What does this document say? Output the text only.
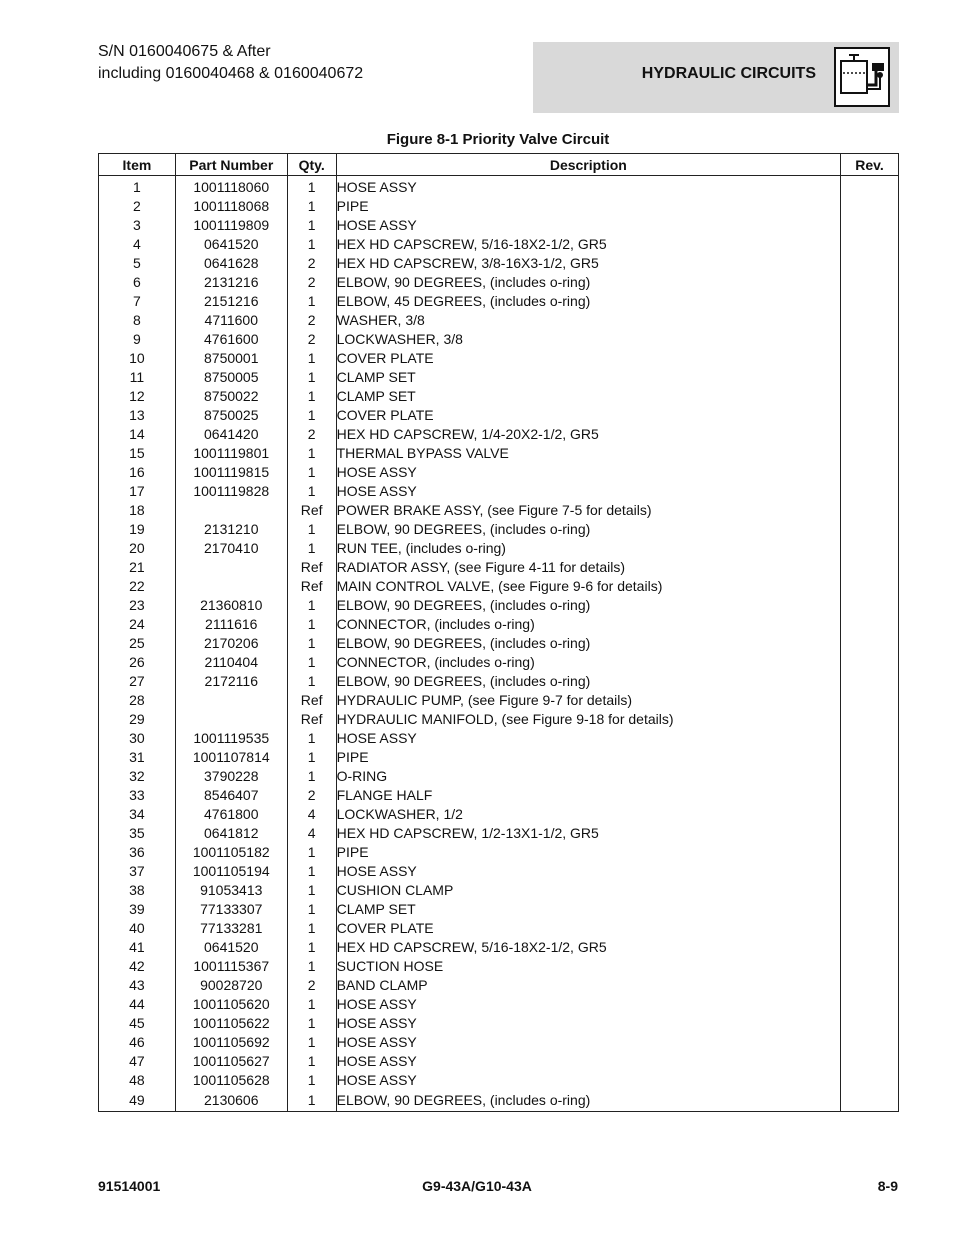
S/N 0160040675 & After
including 0160040468 & 0160040672	HYDRAULIC CIRCUITS
Figure 8-1 Priority Valve Circuit
Item	Part Number	Qty.	Description	Rev.
1	1001118060	1	HOSE ASSY	
2	1001118068	1	PIPE	
3	1001119809	1	HOSE ASSY	
4	0641520	1	HEX HD CAPSCREW, 5/16-18X2-1/2, GR5	
5	0641628	2	HEX HD CAPSCREW, 3/8-16X3-1/2, GR5	
6	2131216	2	ELBOW, 90 DEGREES, (includes o-ring)	
7	2151216	1	ELBOW, 45 DEGREES, (includes o-ring)	
8	4711600	2	WASHER, 3/8	
9	4761600	2	LOCKWASHER, 3/8	
10	8750001	1	COVER PLATE	
11	8750005	1	CLAMP SET	
12	8750022	1	CLAMP SET	
13	8750025	1	COVER PLATE	
14	0641420	2	HEX HD CAPSCREW, 1/4-20X2-1/2, GR5	
15	1001119801	1	THERMAL BYPASS VALVE	
16	1001119815	1	HOSE ASSY	
17	1001119828	1	HOSE ASSY	
18		Ref	POWER BRAKE ASSY, (see Figure 7-5 for details)	
19	2131210	1	ELBOW, 90 DEGREES, (includes o-ring)	
20	2170410	1	RUN TEE, (includes o-ring)	
21		Ref	RADIATOR ASSY, (see Figure 4-11 for details)	
22		Ref	MAIN CONTROL VALVE, (see Figure 9-6 for details)	
23	21360810	1	ELBOW, 90 DEGREES, (includes o-ring)	
24	2111616	1	CONNECTOR, (includes o-ring)	
25	2170206	1	ELBOW, 90 DEGREES, (includes o-ring)	
26	2110404	1	CONNECTOR, (includes o-ring)	
27	2172116	1	ELBOW, 90 DEGREES, (includes o-ring)	
28		Ref	HYDRAULIC PUMP, (see Figure 9-7 for details)	
29		Ref	HYDRAULIC MANIFOLD, (see Figure 9-18 for details)	
30	1001119535	1	HOSE ASSY	
31	1001107814	1	PIPE	
32	3790228	1	O-RING	
33	8546407	2	FLANGE HALF	
34	4761800	4	LOCKWASHER, 1/2	
35	0641812	4	HEX HD CAPSCREW, 1/2-13X1-1/2, GR5	
36	1001105182	1	PIPE	
37	1001105194	1	HOSE ASSY	
38	91053413	1	CUSHION CLAMP	
39	77133307	1	CLAMP SET	
40	77133281	1	COVER PLATE	
41	0641520	1	HEX HD CAPSCREW, 5/16-18X2-1/2, GR5	
42	1001115367	1	SUCTION HOSE	
43	90028720	2	BAND CLAMP	
44	1001105620	1	HOSE ASSY	
45	1001105622	1	HOSE ASSY	
46	1001105692	1	HOSE ASSY	
47	1001105627	1	HOSE ASSY	
48	1001105628	1	HOSE ASSY	
49	2130606	1	ELBOW, 90 DEGREES, (includes o-ring)	
91514001	G9-43A/G10-43A	8-9
